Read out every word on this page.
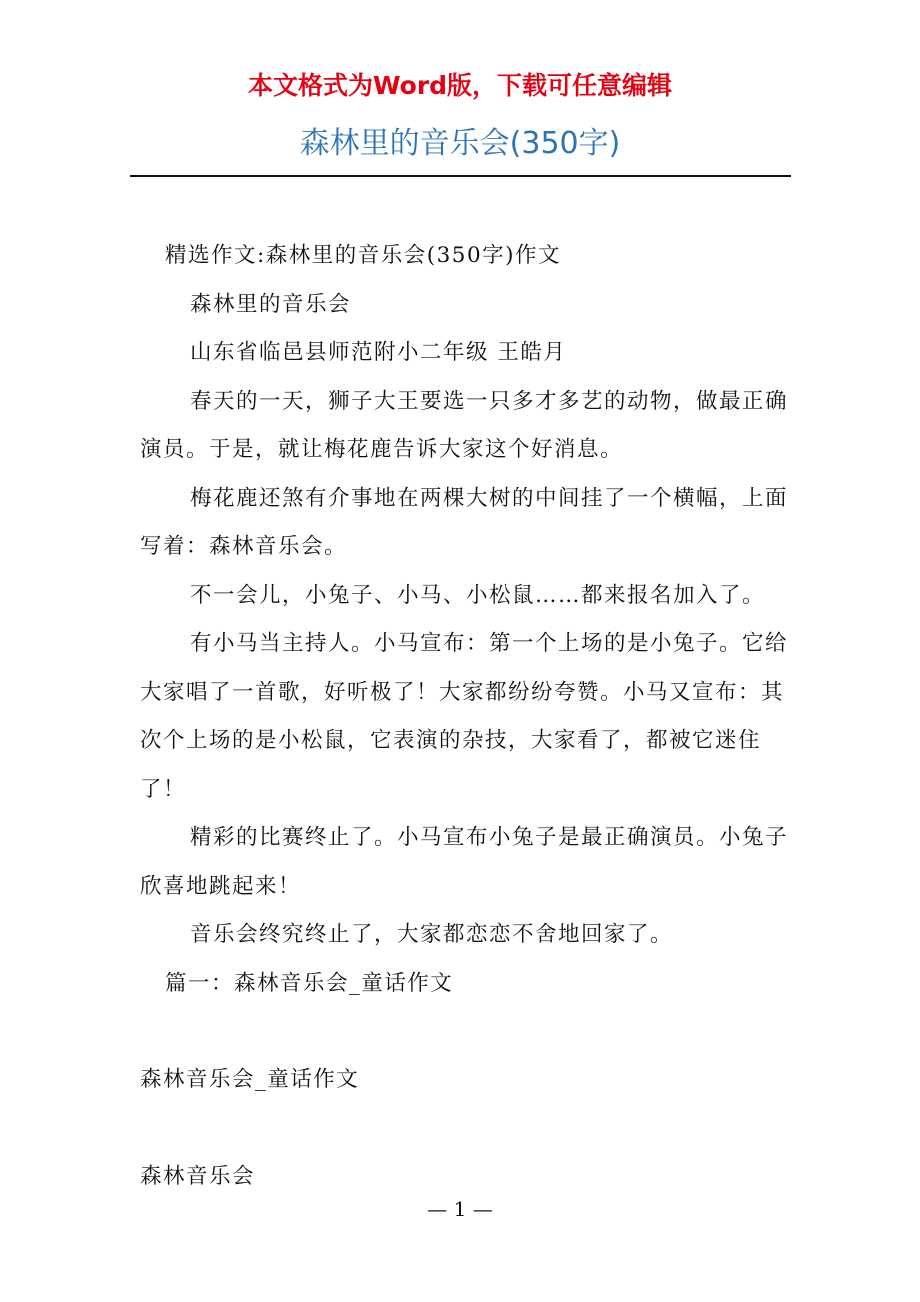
本文格式为Word版，下载可任意编辑
森林里的音乐会(350字)

精选作文:森林里的音乐会(350字)作文

森林里的音乐会

山东省临邑县师范附小二年级 王皓月

春天的一天，狮子大王要选一只多才多艺的动物，做最正确演员。于是，就让梅花鹿告诉大家这个好消息。

梅花鹿还煞有介事地在两棵大树的中间挂了一个横幅，上面写着：森林音乐会。

不一会儿，小兔子、小马、小松鼠……都来报名加入了。

有小马当主持人。小马宣布：第一个上场的是小兔子。它给大家唱了一首歌，好听极了！大家都纷纷夸赞。小马又宣布：其次个上场的是小松鼠，它表演的杂技，大家看了，都被它迷住了！

精彩的比赛终止了。小马宣布小兔子是最正确演员。小兔子欣喜地跳起来！

音乐会终究终止了，大家都恋恋不舍地回家了。

篇一：森林音乐会_童话作文

森林音乐会_童话作文

森林音乐会

— 1 —
